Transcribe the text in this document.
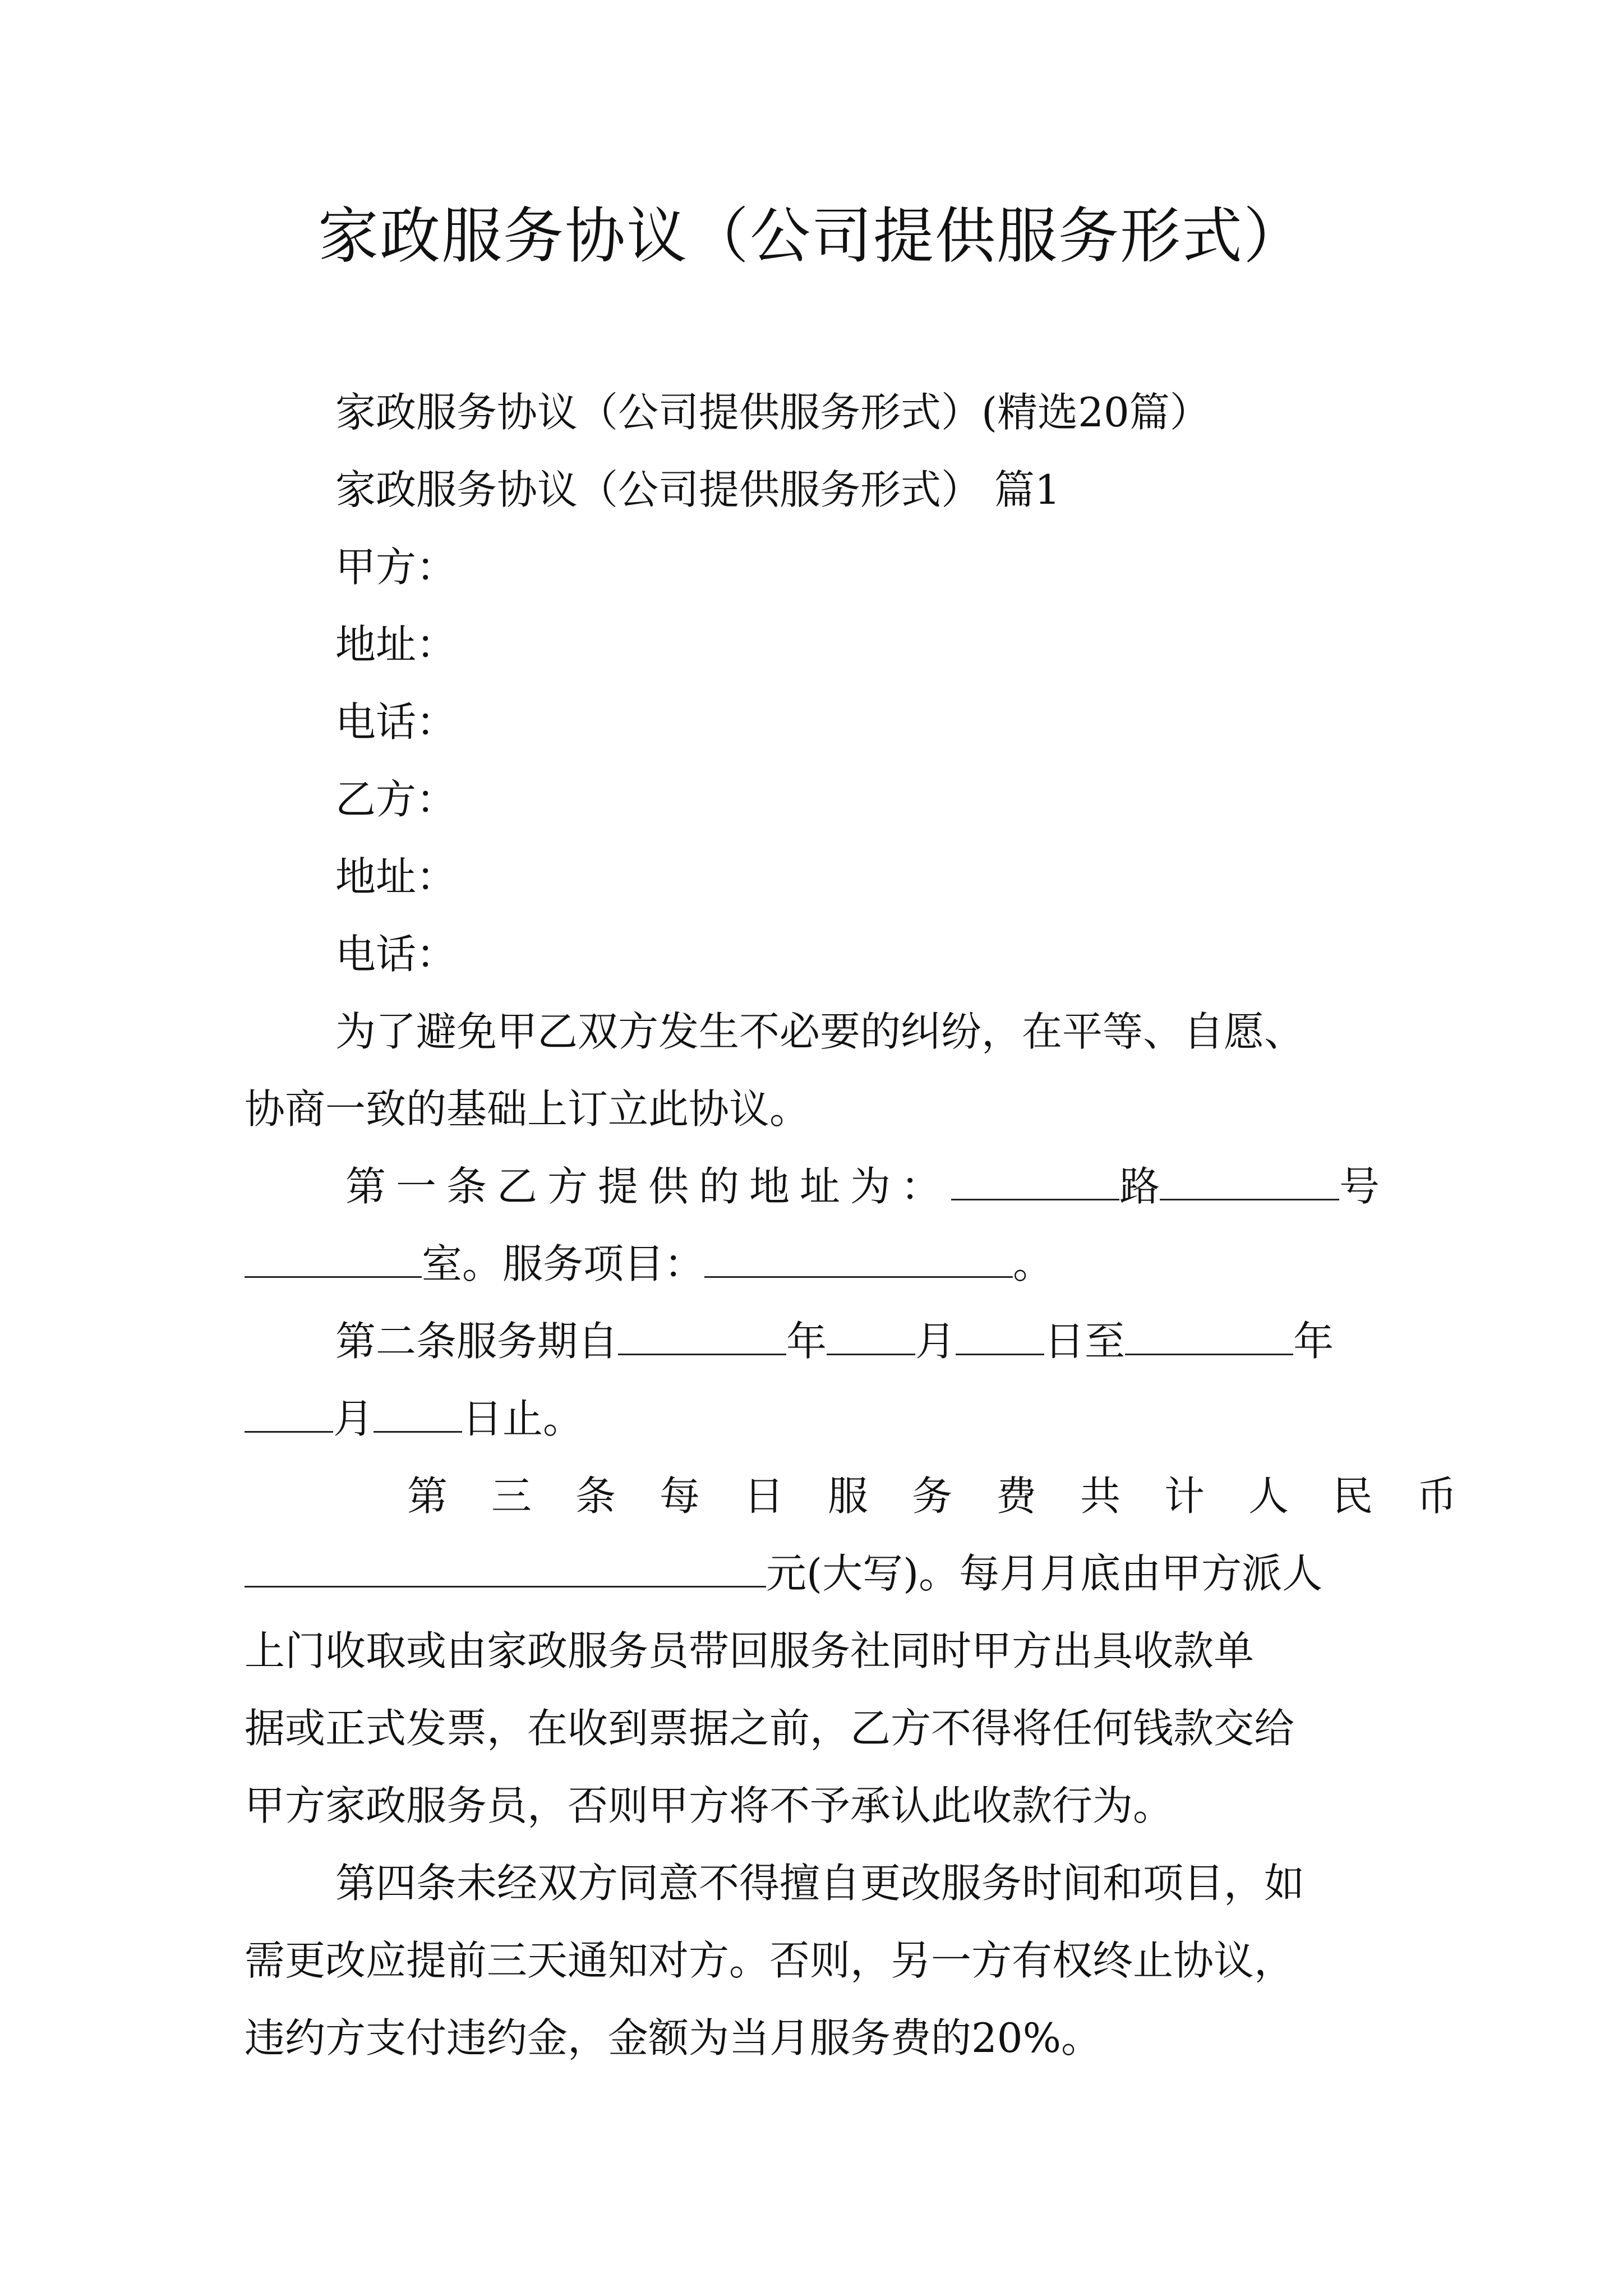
家政服务协议（公司提供服务形式）
家政服务协议（公司提供服务形式）(精选20篇）
家政服务协议（公司提供服务形式） 篇1
甲方：
地址：
电话：
乙方：
地址：
电话：
为了避免甲乙双方发生不必要的纠纷，在平等、自愿、
协商一致的基础上订立此协议。
第一条乙方提供的地址为：	路	号
室。服务项目：	。
第二条服务期自	年 月 日至	年
月 日止。
第三条每日服务费共计人民币
元(大写)。每月月底由甲方派人
上门收取或由家政服务员带回服务社同时甲方出具收款单
据或正式发票，在收到票据之前，乙方不得将任何钱款交给
甲方家政服务员，否则甲方将不予承认此收款行为。
第四条未经双方同意不得擅自更改服务时间和项目，如
需更改应提前三天通知对方。否则，另一方有权终止协议，
违约方支付违约金，金额为当月服务费的20%。
